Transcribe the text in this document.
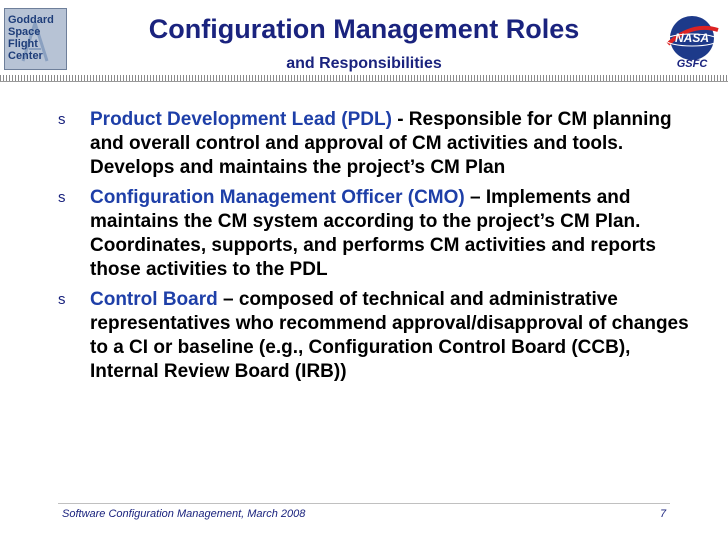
Goddard
Space
Flight
Center
Configuration Management Roles
and Responsibilities
NASA
GSFC
s Product Development Lead (PDL) - Responsible for CM planning and overall control and approval of CM activities and tools. Develops and maintains the project’s CM Plan
s Configuration Management Officer (CMO) – Implements and maintains the CM system according to the project’s CM Plan. Coordinates, supports, and performs CM activities and reports those activities to the PDL
s Control Board – composed of technical and administrative representatives who recommend approval/disapproval of changes to a CI or baseline (e.g., Configuration Control Board (CCB), Internal Review Board (IRB))
Software Configuration Management, March 2008	7
